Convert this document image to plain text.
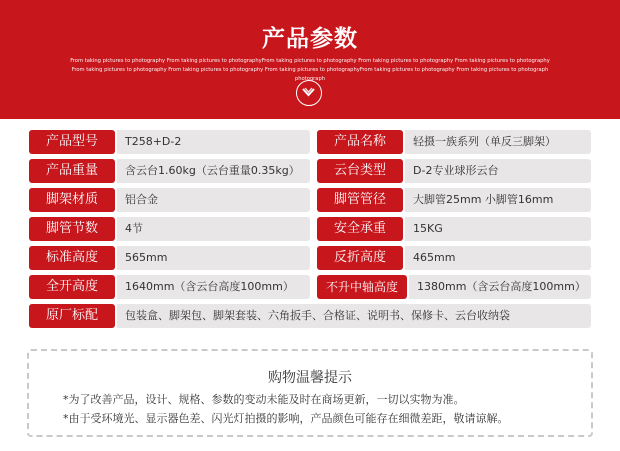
产品参数
From taking pictures to photography From taking pictures to photographyFrom taking pictures to photography From taking pictures to photography From taking pictures to photographyFrom taking pictures to photography From taking pictures to photography From taking pictures to photographyFrom taking pictures to photography From taking pictures to photograph photograph
产品型号	T258+D-2	产品名称	轻摄一族系列（单反三脚架）
产品重量	含云台1.60kg（云台重量0.35kg）	云台类型	D-2专业球形云台
脚架材质	铝合金	脚管管径	大脚管25mm 小脚管16mm
脚管节数	4节	安全承重	15KG
标准高度	565mm	反折高度	465mm
全开高度	1640mm（含云台高度100mm）	不升中轴高度	1380mm（含云台高度100mm）
原厂标配	包装盒、脚架包、脚架套装、六角扳手、合格证、说明书、保修卡、云台收纳袋
购物温馨提示
*为了改善产品，设计、规格、参数的变动未能及时在商场更新，一切以实物为准。
*由于受环境光、显示器色差、闪光灯拍摄的影响，产品颜色可能存在细微差距，敬请谅解。
